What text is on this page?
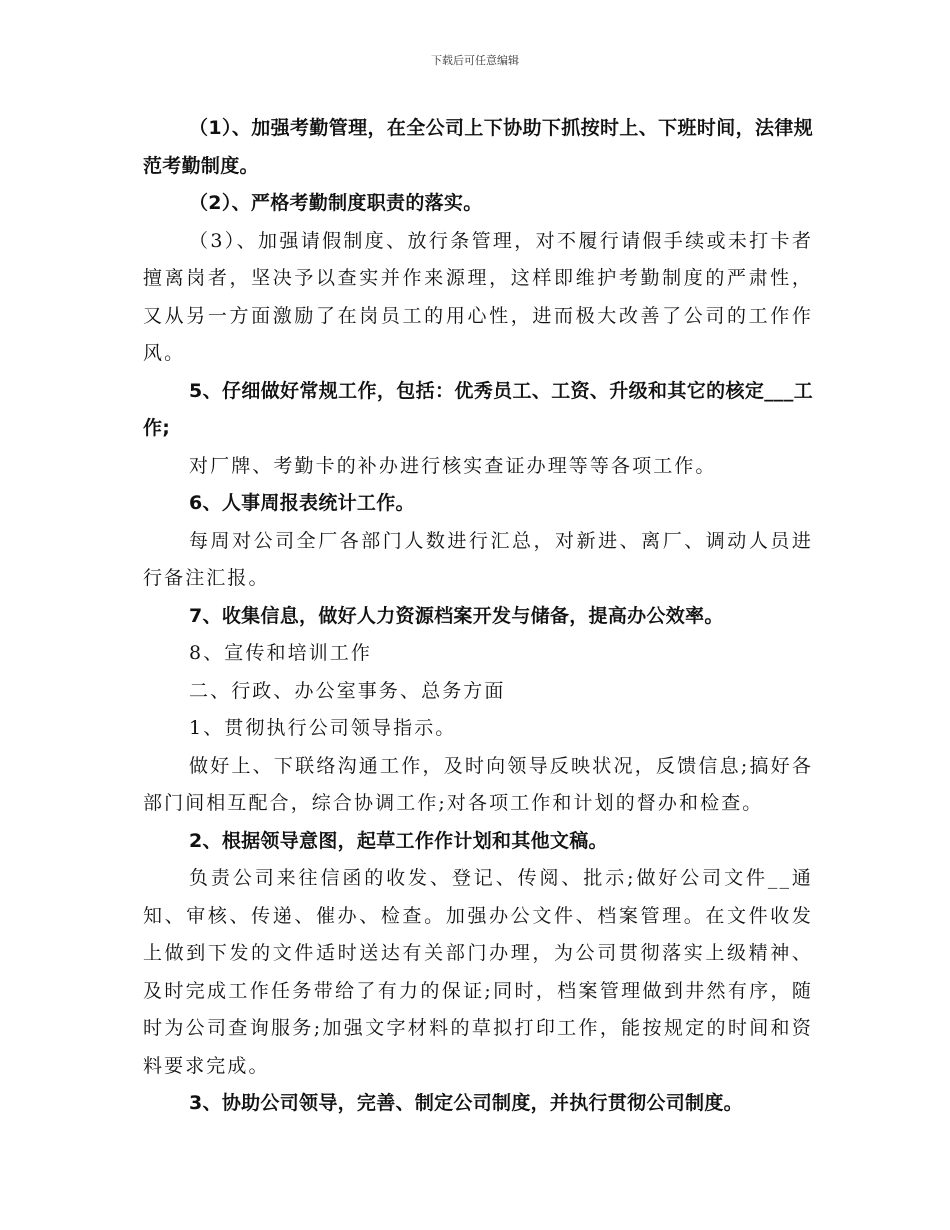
下载后可任意编辑

（1）、加强考勤管理，在全公司上下协助下抓按时上、下班时间，法律规范考勤制度。

（2）、严格考勤制度职责的落实。

（3）、加强请假制度、放行条管理，对不履行请假手续或未打卡者擅离岗者，坚决予以查实并作来源理，这样即维护考勤制度的严肃性，又从另一方面激励了在岗员工的用心性，进而极大改善了公司的工作作风。

5、仔细做好常规工作，包括：优秀员工、工资、升级和其它的核定___工作;

对厂牌、考勤卡的补办进行核实查证办理等等各项工作。

6、人事周报表统计工作。

每周对公司全厂各部门人数进行汇总，对新进、离厂、调动人员进行备注汇报。

7、收集信息，做好人力资源档案开发与储备，提高办公效率。

8、宣传和培训工作

二、行政、办公室事务、总务方面

1、贯彻执行公司领导指示。

做好上、下联络沟通工作，及时向领导反映状况，反馈信息;搞好各部门间相互配合，综合协调工作;对各项工作和计划的督办和检查。

2、根据领导意图，起草工作作计划和其他文稿。

负责公司来往信函的收发、登记、传阅、批示;做好公司文件__通知、审核、传递、催办、检查。加强办公文件、档案管理。在文件收发上做到下发的文件适时送达有关部门办理，为公司贯彻落实上级精神、及时完成工作任务带给了有力的保证;同时，档案管理做到井然有序，随时为公司查询服务;加强文字材料的草拟打印工作，能按规定的时间和资料要求完成。

3、协助公司领导，完善、制定公司制度，并执行贯彻公司制度。
